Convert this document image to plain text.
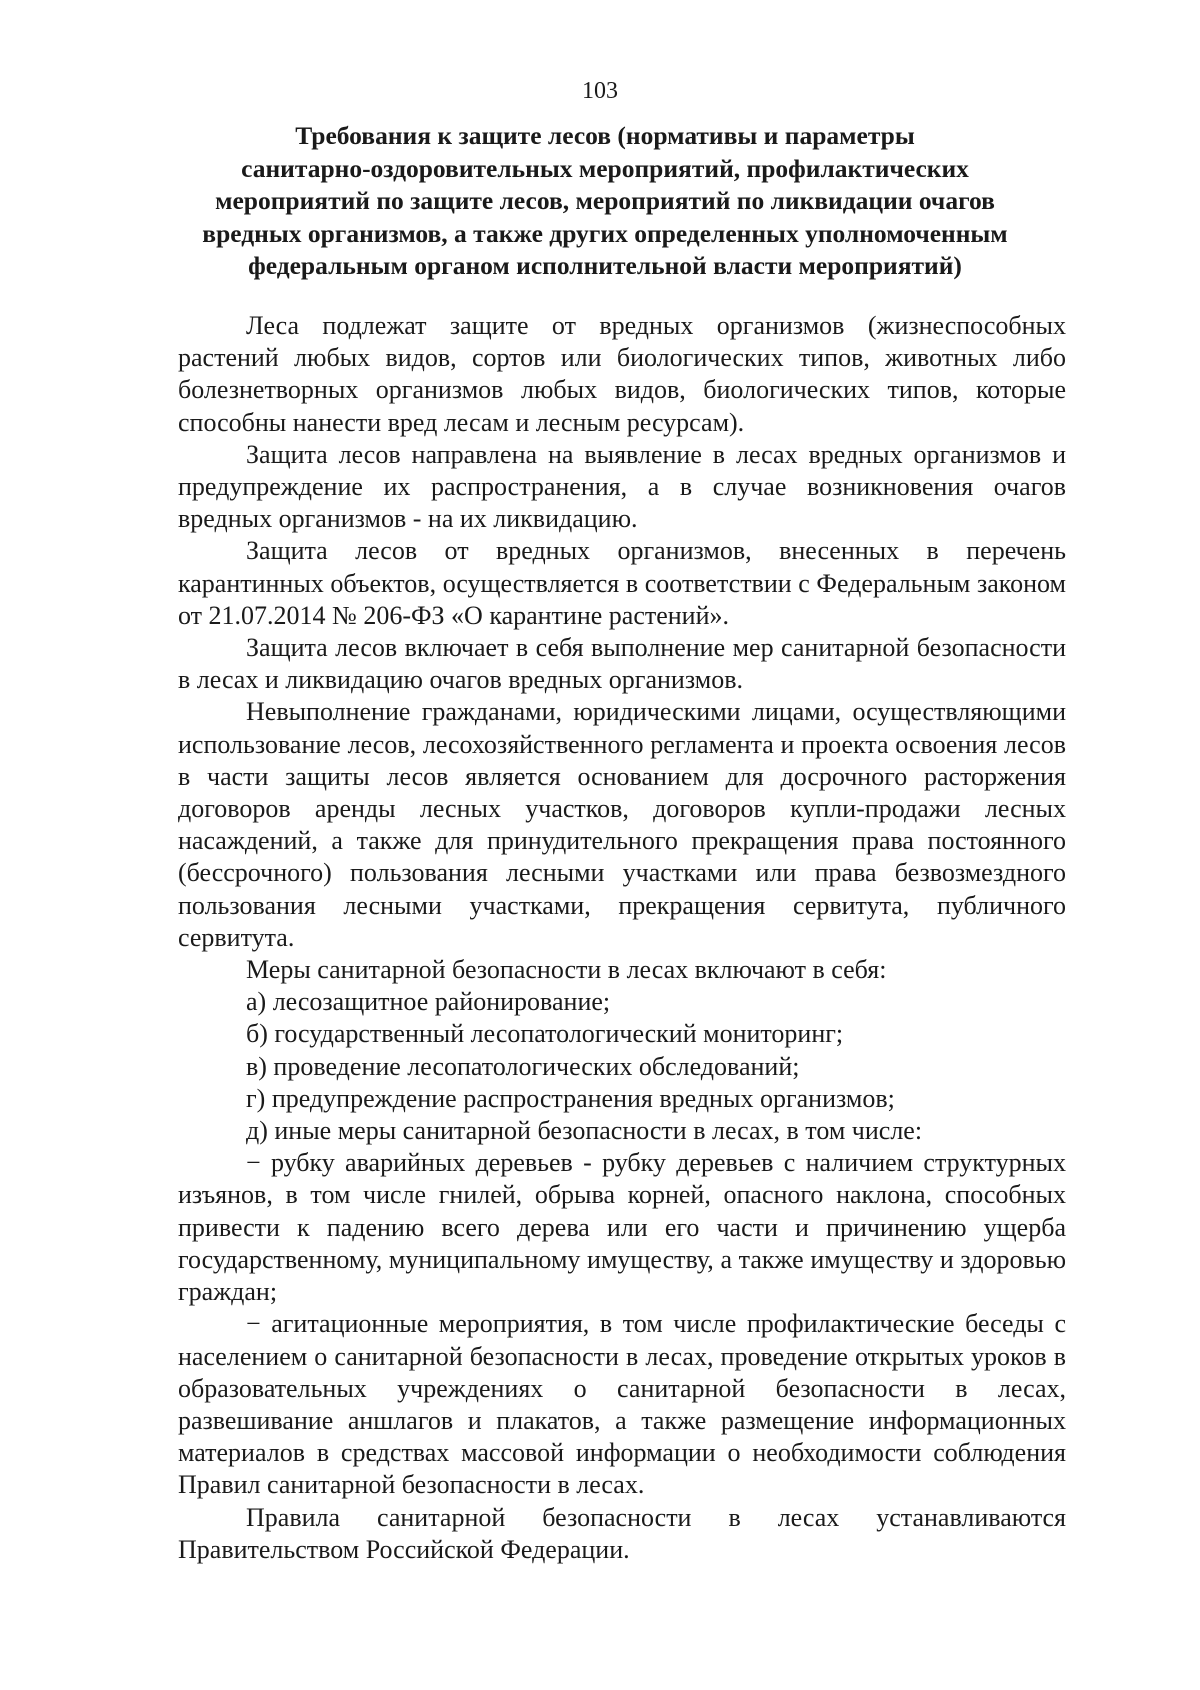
103
Требования к защите лесов (нормативы и параметры
санитарно-оздоровительных мероприятий, профилактических
мероприятий по защите лесов, мероприятий по ликвидации очагов
вредных организмов, а также других определенных уполномоченным
федеральным органом исполнительной власти мероприятий)

Леса подлежат защите от вредных организмов (жизнеспособных растений любых видов, сортов или биологических типов, животных либо болезнетворных организмов любых видов, биологических типов, которые способны нанести вред лесам и лесным ресурсам).

Защита лесов направлена на выявление в лесах вредных организмов и предупреждение их распространения, а в случае возникновения очагов вредных организмов - на их ликвидацию.

Защита лесов от вредных организмов, внесенных в перечень карантинных объектов, осуществляется в соответствии с Федеральным законом от 21.07.2014 № 206-ФЗ «О карантине растений».

Защита лесов включает в себя выполнение мер санитарной безопасности в лесах и ликвидацию очагов вредных организмов.

Невыполнение гражданами, юридическими лицами, осуществляющими использование лесов, лесохозяйственного регламента и проекта освоения лесов в части защиты лесов является основанием для досрочного расторжения договоров аренды лесных участков, договоров купли-продажи лесных насаждений, а также для принудительного прекращения права постоянного (бессрочного) пользования лесными участками или права безвозмездного пользования лесными участками, прекращения сервитута, публичного сервитута.

Меры санитарной безопасности в лесах включают в себя:

а) лесозащитное районирование;

б) государственный лесопатологический мониторинг;

в) проведение лесопатологических обследований;

г) предупреждение распространения вредных организмов;

д) иные меры санитарной безопасности в лесах, в том числе:

− рубку аварийных деревьев - рубку деревьев с наличием структурных изъянов, в том числе гнилей, обрыва корней, опасного наклона, способных привести к падению всего дерева или его части и причинению ущерба государственному, муниципальному имуществу, а также имуществу и здоровью граждан;

− агитационные мероприятия, в том числе профилактические беседы с населением о санитарной безопасности в лесах, проведение открытых уроков в образовательных учреждениях о санитарной безопасности в лесах, развешивание аншлагов и плакатов, а также размещение информационных материалов в средствах массовой информации о необходимости соблюдения Правил санитарной безопасности в лесах.

Правила санитарной безопасности в лесах устанавливаются Правительством Российской Федерации.
